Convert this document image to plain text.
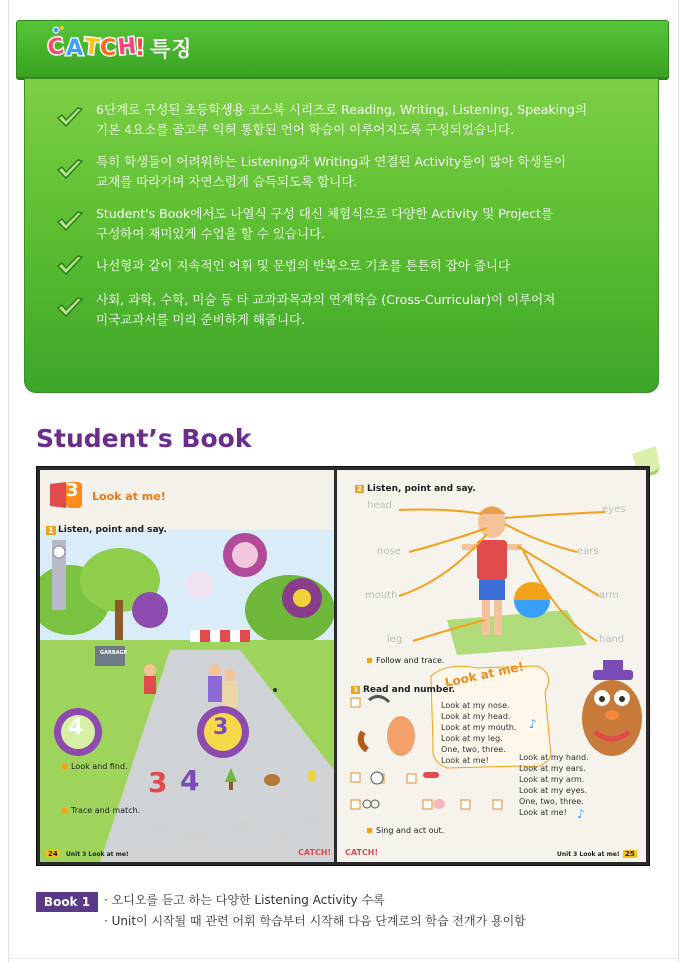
C A T C H
! 특징
6단계로 구성된 초등학생용 코스북 시리즈로 Reading, Writing, Listening, Speaking의
기본 4요소를 골고루 익혀 통합된 언어 학습이 이루어지도록 구성되었습니다.
특히 학생들이 어려워하는 Listening과 Writing과 연결된 Activity들이 많아 학생들이
교재를 따라가며 자연스럽게 습득되도록 합니다.
Student's Book에서도 나열식 구성 대신 체험식으로 다양한 Activity 및 Project를
구성하여 재미있게 수업을 할 수 있습니다.
나선형과 같이 지속적인 어휘 및 문법의 반복으로 기초를 튼튼히 잡아 줍니다
사회, 과학, 수학, 미술 등 타 교과과목과의 연계학습 (Cross-Curricular)이 이루어져
미국교과서를 미리 준비하게 해줍니다.
Student’s Book
3 Look at me!
1 Listen, point and say.
GARBAGE
4	3
Look and find. 3 4
Trace and match.
dog
three
bird
four
tree
24	Unit 3 Look at me!	CATCH!
♪
♪
2 Listen, point and say.
head	eyes
nose	ears
mouth	arm
leg	hand
Follow and trace.
3 Read and number.
Look at me!
Look at my nose.
Look at my head.
Look at my mouth.
Look at my leg.
One, two, three.
Look at me!	Look at my hand.
Look at my ears.
Look at my arm.
Look at my eyes.
One, two, three.
Look at me!
Sing and act out.
CATCH!	Unit 3 Look at me! 25
Book 1	· 오디오를 듣고 하는 다양한 Listening Activity 수록
· Unit이 시작될 때 관련 어휘 학습부터 시작해 다음 단계로의 학습 전개가 용이함
